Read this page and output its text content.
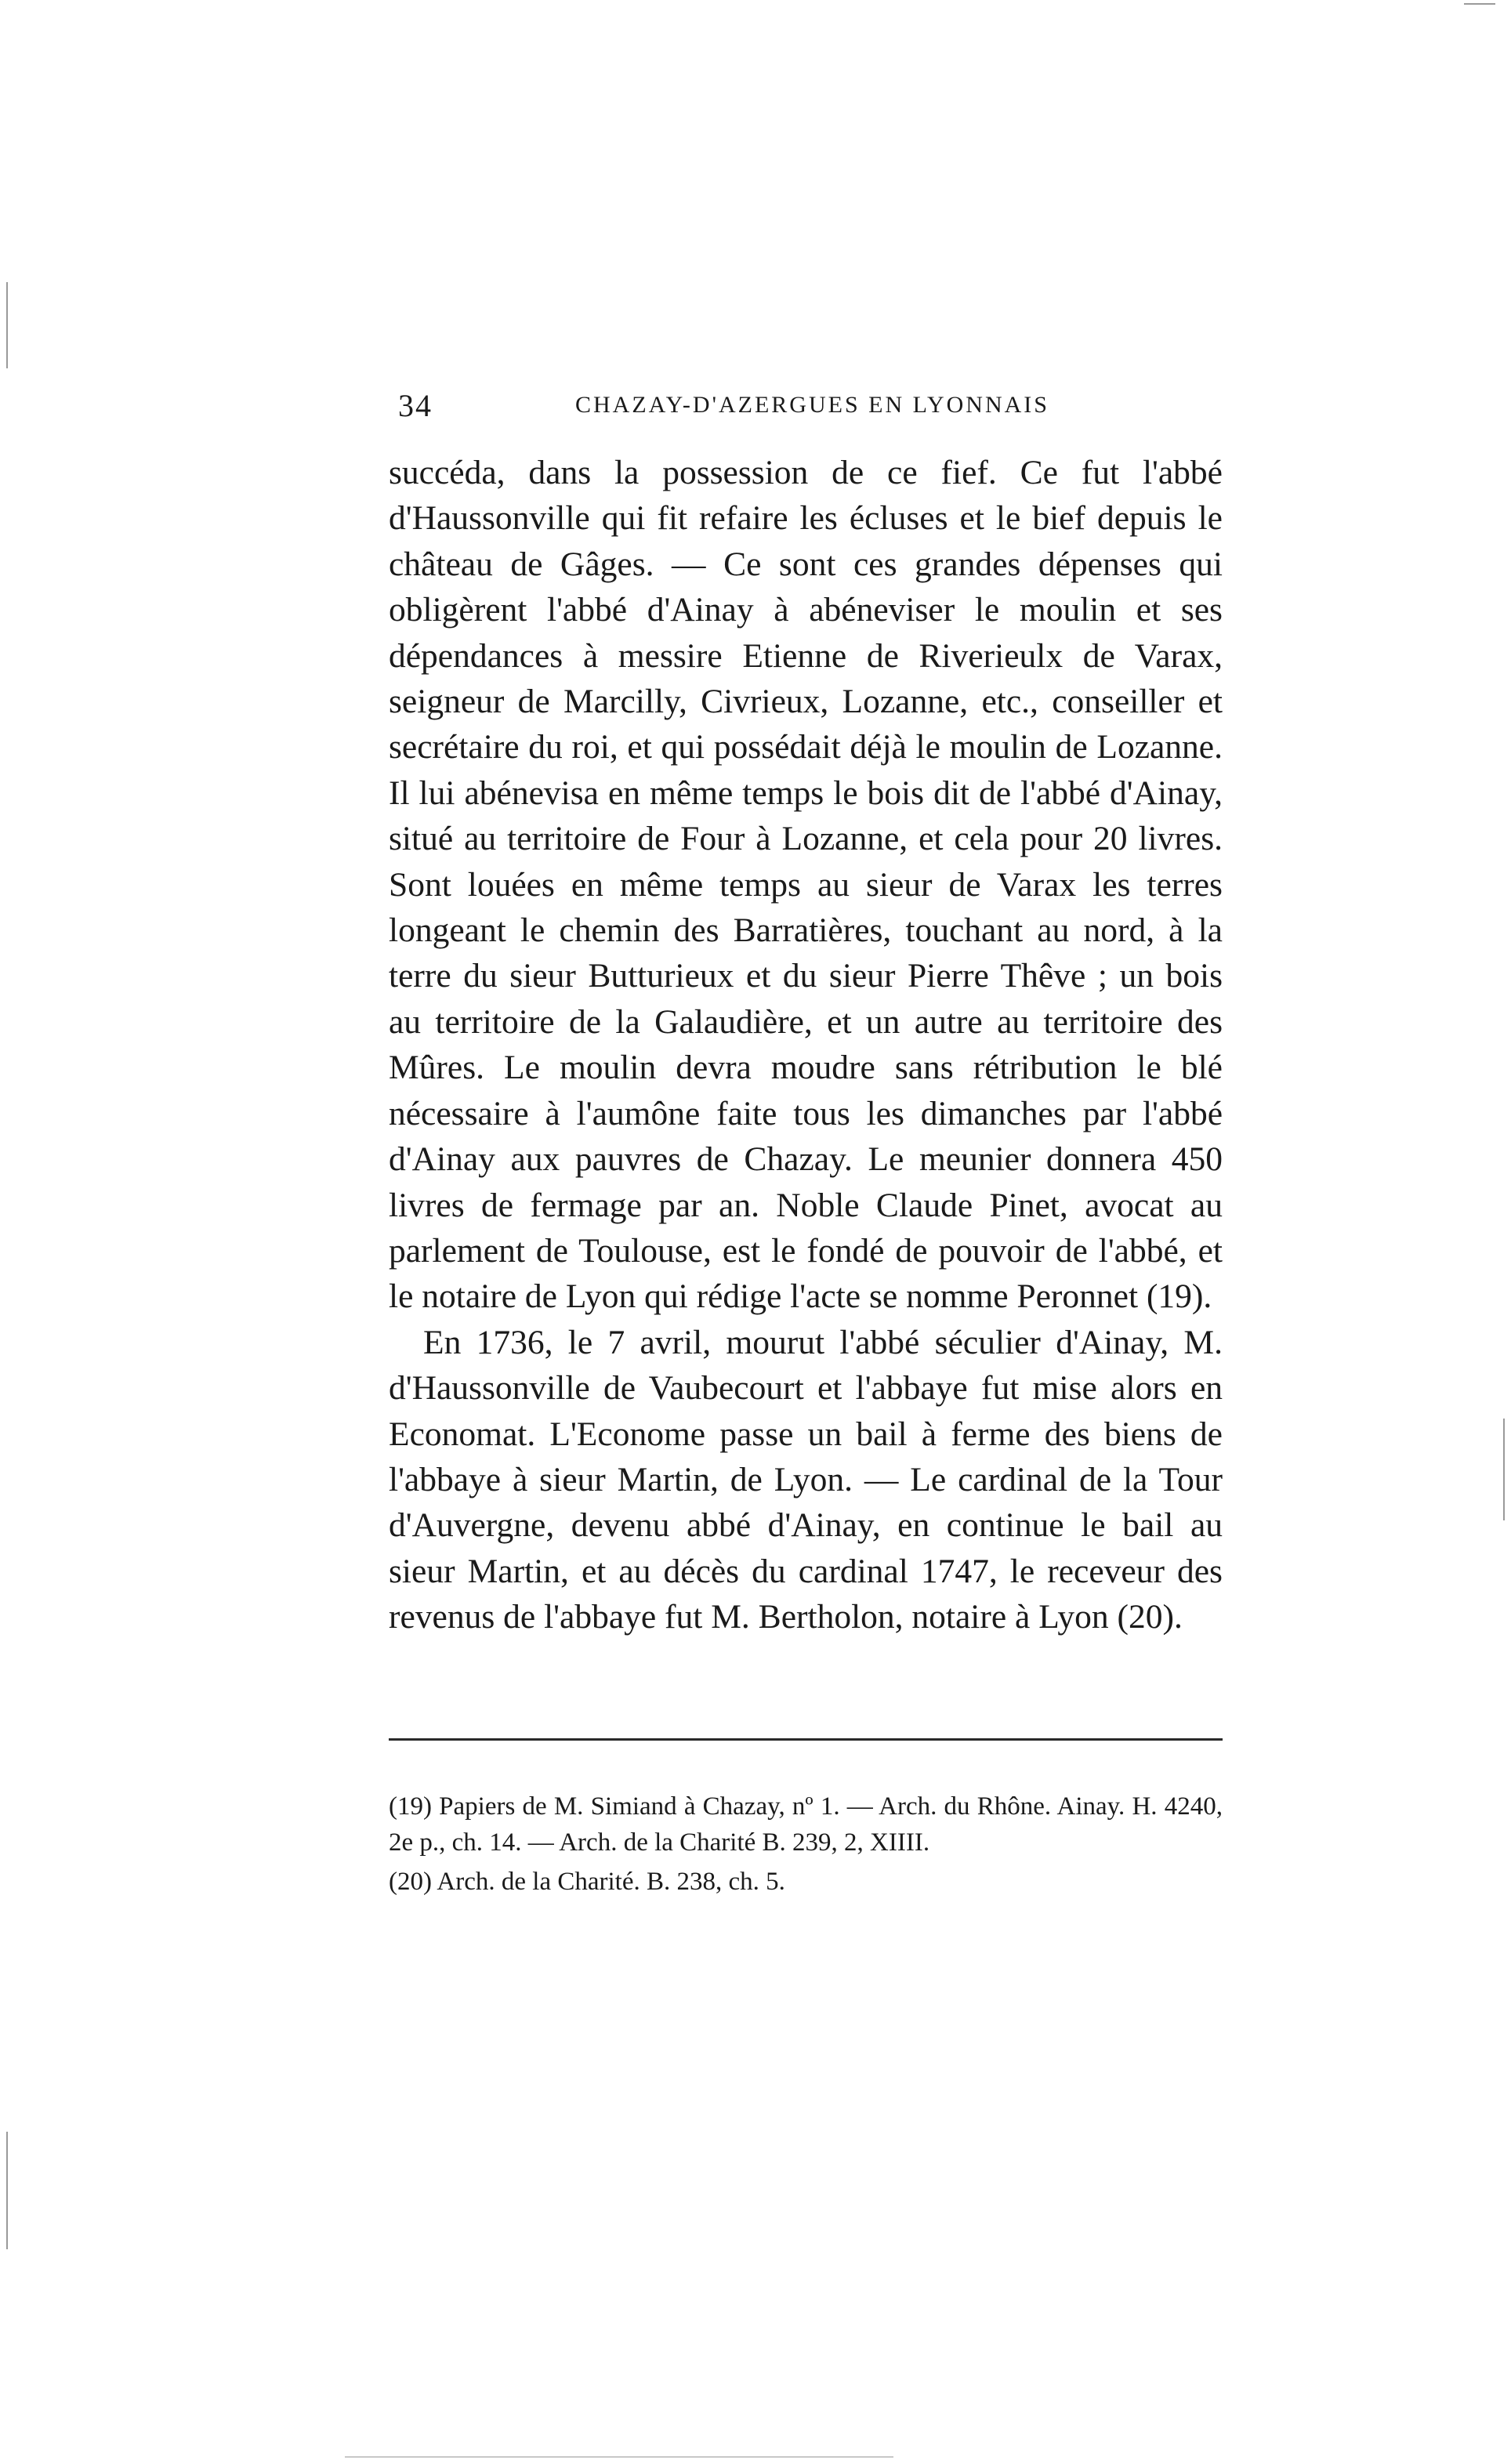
34	CHAZAY-D'AZERGUES EN LYONNAIS

succéda, dans la possession de ce fief. Ce fut l'abbé d'Haussonville qui fit refaire les écluses et le bief depuis le château de Gâges. — Ce sont ces grandes dépenses qui obligèrent l'abbé d'Ainay à abéneviser le moulin et ses dépendances à messire Etienne de Riverieulx de Varax, seigneur de Marcilly, Civrieux, Lozanne, etc., conseiller et secrétaire du roi, et qui possédait déjà le moulin de Lozanne. Il lui abénevisa en même temps le bois dit de l'abbé d'Ainay, situé au territoire de Four à Lozanne, et cela pour 20 livres. Sont louées en même temps au sieur de Varax les terres longeant le chemin des Barratières, touchant au nord, à la terre du sieur Butturieux et du sieur Pierre Thêve ; un bois au territoire de la Galaudière, et un autre au territoire des Mûres. Le moulin devra moudre sans rétribution le blé nécessaire à l'aumône faite tous les dimanches par l'abbé d'Ainay aux pauvres de Chazay. Le meunier donnera 450 livres de fermage par an. Noble Claude Pinet, avocat au parlement de Toulouse, est le fondé de pouvoir de l'abbé, et le notaire de Lyon qui rédige l'acte se nomme Peronnet (19).

En 1736, le 7 avril, mourut l'abbé séculier d'Ainay, M. d'Haussonville de Vaubecourt et l'abbaye fut mise alors en Economat. L'Econome passe un bail à ferme des biens de l'abbaye à sieur Martin, de Lyon. — Le cardinal de la Tour d'Auvergne, devenu abbé d'Ainay, en continue le bail au sieur Martin, et au décès du cardinal 1747, le receveur des revenus de l'abbaye fut M. Bertholon, notaire à Lyon (20).

(19) Papiers de M. Simiand à Chazay, nº 1. — Arch. du Rhône. Ainay. H. 4240, 2e p., ch. 14. — Arch. de la Charité B. 239, 2, XIIII.

(20) Arch. de la Charité. B. 238, ch. 5.
